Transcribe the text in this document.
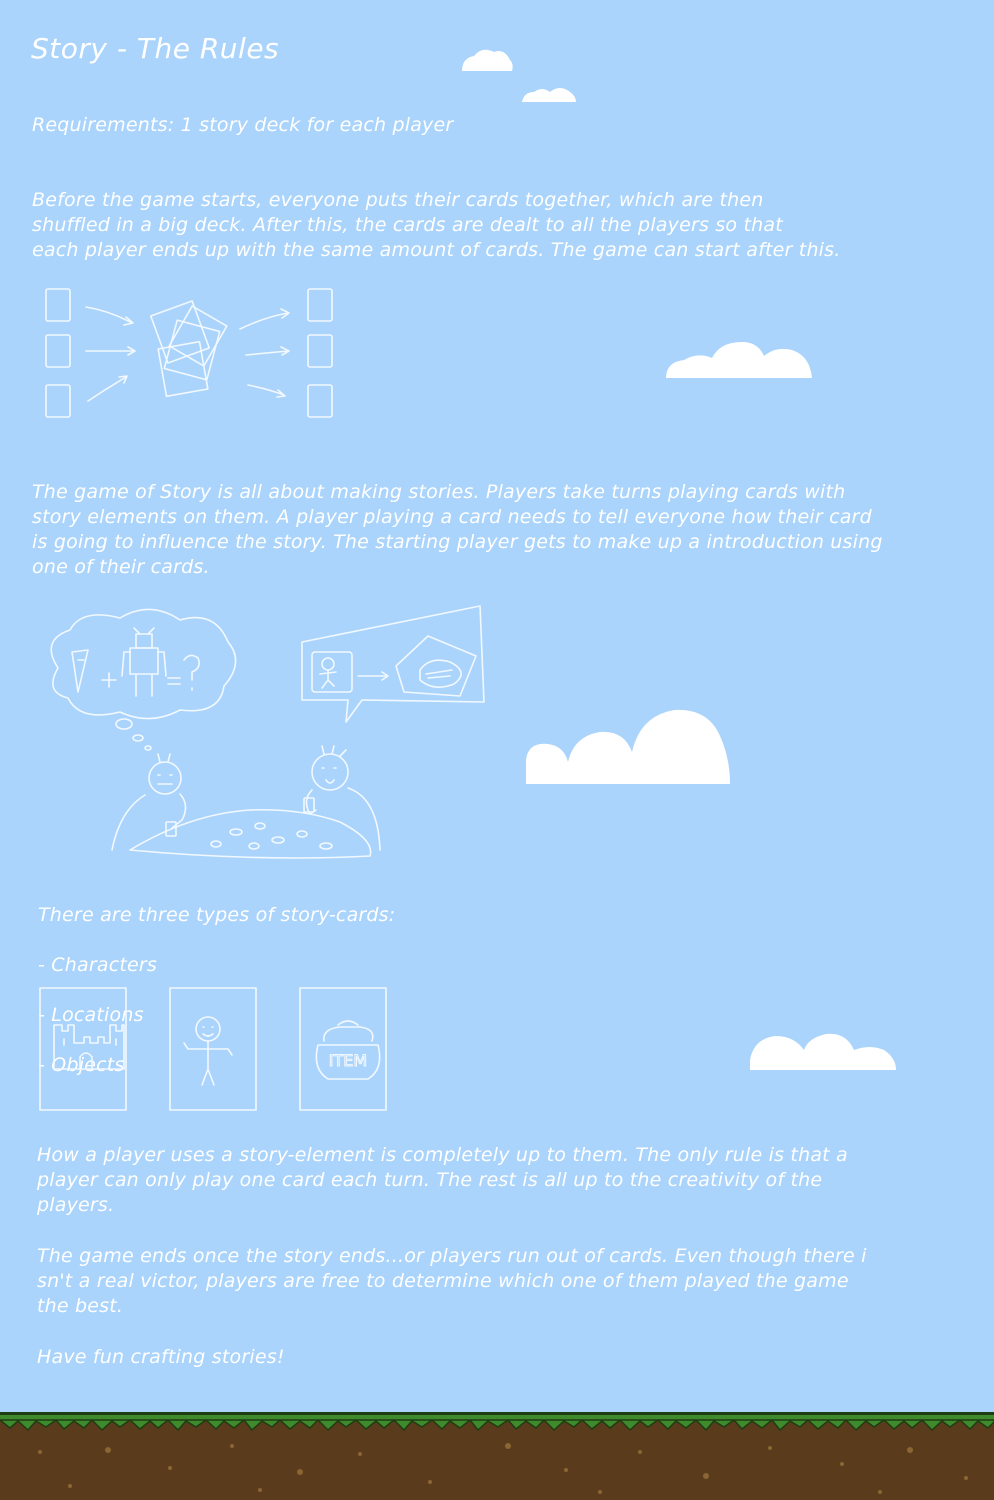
Story - The Rules

Requirements: 1 story deck for each player

Before the game starts, everyone puts their cards together, which are then
shuffled in a big deck. After this, the cards are dealt to all the players so that
each player ends up with the same amount of cards. The game can start after this.

The game of Story is all about making stories. Players take turns playing cards with
story elements on them. A player playing a card needs to tell everyone how their card
is going to influence the story. The starting player gets to make up a introduction using
one of their cards.

There are three types of story-cards:

- Characters

- Locations

- Objects	ITEM

How a player uses a story-element is completely up to them. The only rule is that a
player can only play one card each turn. The rest is all up to the creativity of the
players.

The game ends once the story ends...or players run out of cards. Even though there i
sn't a real victor, players are free to determine which one of them played the game
the best.

Have fun crafting stories!
